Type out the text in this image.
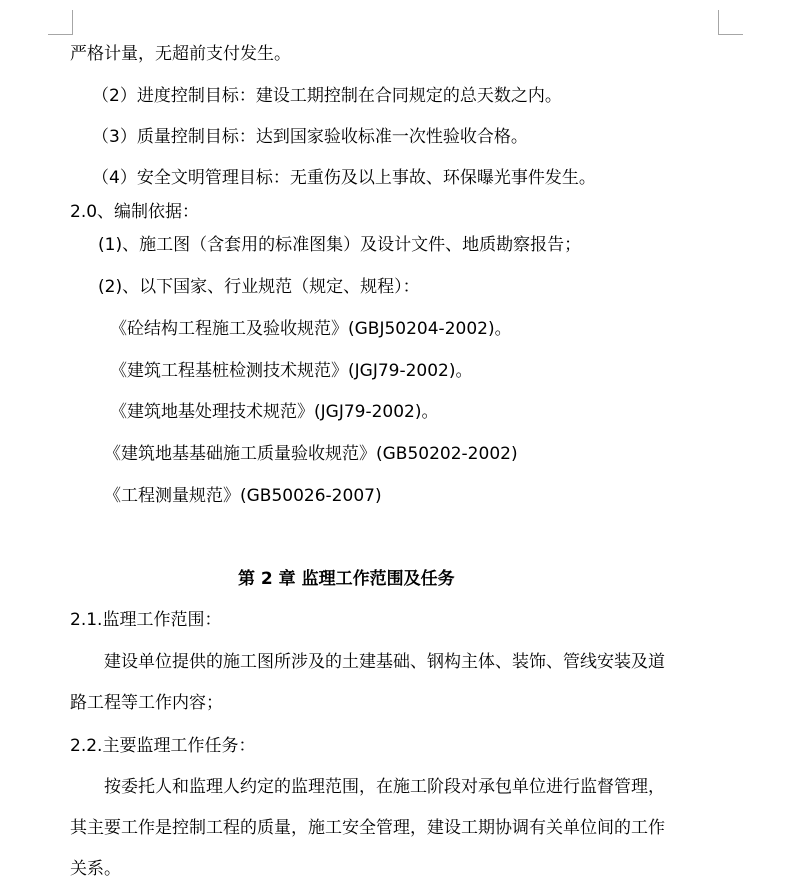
严格计量，无超前支付发生。
（2）进度控制目标：建设工期控制在合同规定的总天数之内。
（3）质量控制目标：达到国家验收标准一次性验收合格。
（4）安全文明管理目标：无重伤及以上事故、环保曝光事件发生。
2.0、编制依据：
(1)、施工图（含套用的标准图集）及设计文件、地质勘察报告；
(2)、以下国家、行业规范（规定、规程）：
《砼结构工程施工及验收规范》(GBJ50204-2002)。
《建筑工程基桩检测技术规范》(JGJ79-2002)。
《建筑地基处理技术规范》(JGJ79-2002)。
《建筑地基基础施工质量验收规范》(GB50202-2002)
《工程测量规范》(GB50026-2007)
第 2 章 监理工作范围及任务
2.1.监理工作范围：
建设单位提供的施工图所涉及的土建基础、钢构主体、装饰、管线安装及道
路工程等工作内容；
2.2.主要监理工作任务：
按委托人和监理人约定的监理范围，在施工阶段对承包单位进行监督管理，
其主要工作是控制工程的质量，施工安全管理，建设工期协调有关单位间的工作
关系。
